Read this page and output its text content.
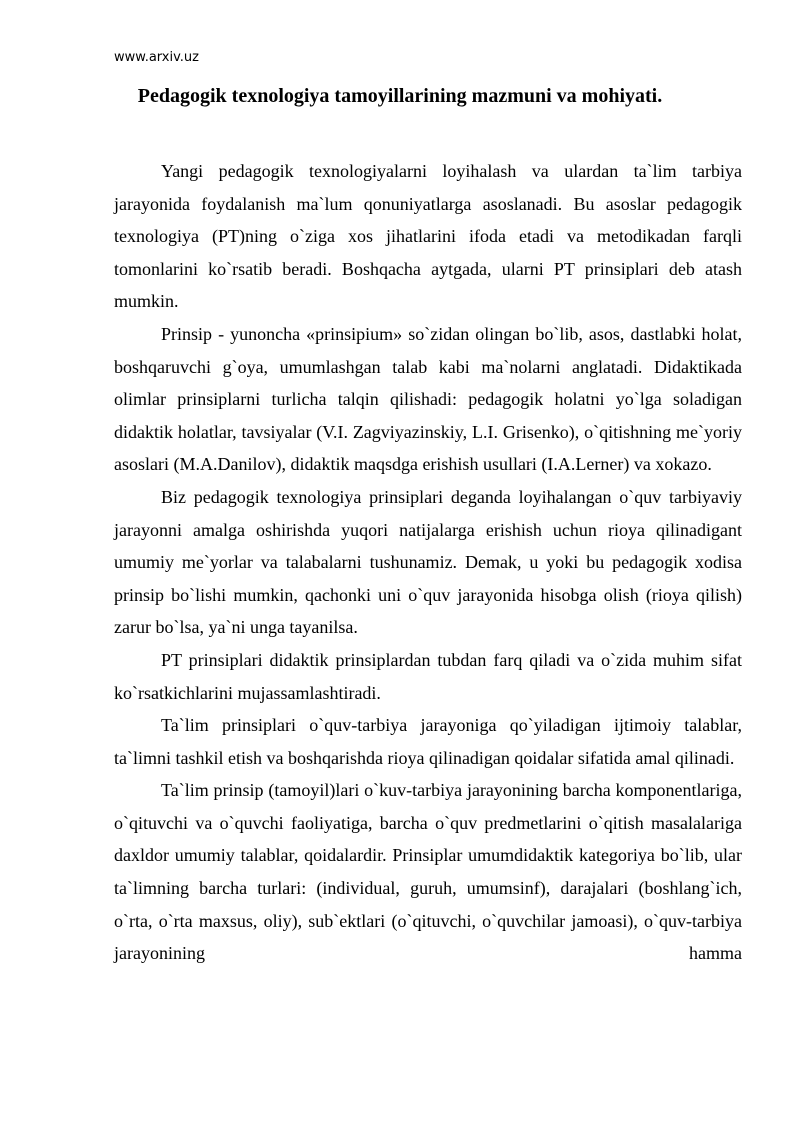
www.arxiv.uz
Pedagogik texnologiya tamoyillarining mazmuni va mohiyati.

Yangi pedagogik texnologiyalarni loyihalash va ulardan ta`lim tarbiya jarayonida foydalanish ma`lum qonuniyatlarga asoslanadi. Bu asoslar pedagogik texnologiya (PT)ning o`ziga xos jihatlarini ifoda etadi va metodikadan farqli tomonlarini ko`rsatib beradi. Boshqacha aytgada, ularni PT prinsiplari deb atash mumkin.

Prinsip - yunoncha «prinsipium» so`zidan olingan bo`lib, asos, dastlabki holat, boshqaruvchi g`oya, umumlashgan talab kabi ma`nolarni anglatadi. Didaktikada olimlar prinsiplarni turlicha talqin qilishadi: pedagogik holatni yo`lga soladigan didaktik holatlar, tavsiyalar (V.I. Zagviyazinskiy, L.I. Grisenko), o`qitishning me`yoriy asoslari (M.A.Danilov), didaktik maqsdga erishish usullari (I.A.Lerner) va xokazo.

Biz pedagogik texnologiya prinsiplari deganda loyihalangan o`quv tarbiyaviy jarayonni amalga oshirishda yuqori natijalarga erishish uchun rioya qilinadigant umumiy me`yorlar va talabalarni tushunamiz. Demak, u yoki bu pedagogik xodisa prinsip bo`lishi mumkin, qachonki uni o`quv jarayonida hisobga olish (rioya qilish) zarur bo`lsa, ya`ni unga tayanilsa.

PT prinsiplari didaktik prinsiplardan tubdan farq qiladi va o`zida muhim sifat ko`rsatkichlarini mujassamlashtiradi.

Ta`lim prinsiplari o`quv-tarbiya jarayoniga qo`yiladigan ijtimoiy talablar, ta`limni tashkil etish va boshqarishda rioya qilinadigan qoidalar sifatida amal qilinadi.

Ta`lim prinsip (tamoyil)lari o`kuv-tarbiya jarayonining barcha komponentlariga, o`qituvchi va o`quvchi faoliyatiga, barcha o`quv predmetlarini o`qitish masalalariga daxldor umumiy talablar, qoidalardir. Prinsiplar umumdidaktik kategoriya bo`lib, ular ta`limning barcha turlari: (individual, guruh, umumsinf), darajalari (boshlang`ich, o`rta, o`rta maxsus, oliy), sub`ektlari (o`qituvchi, o`quvchilar jamoasi), o`quv-tarbiya jarayonining hamma
